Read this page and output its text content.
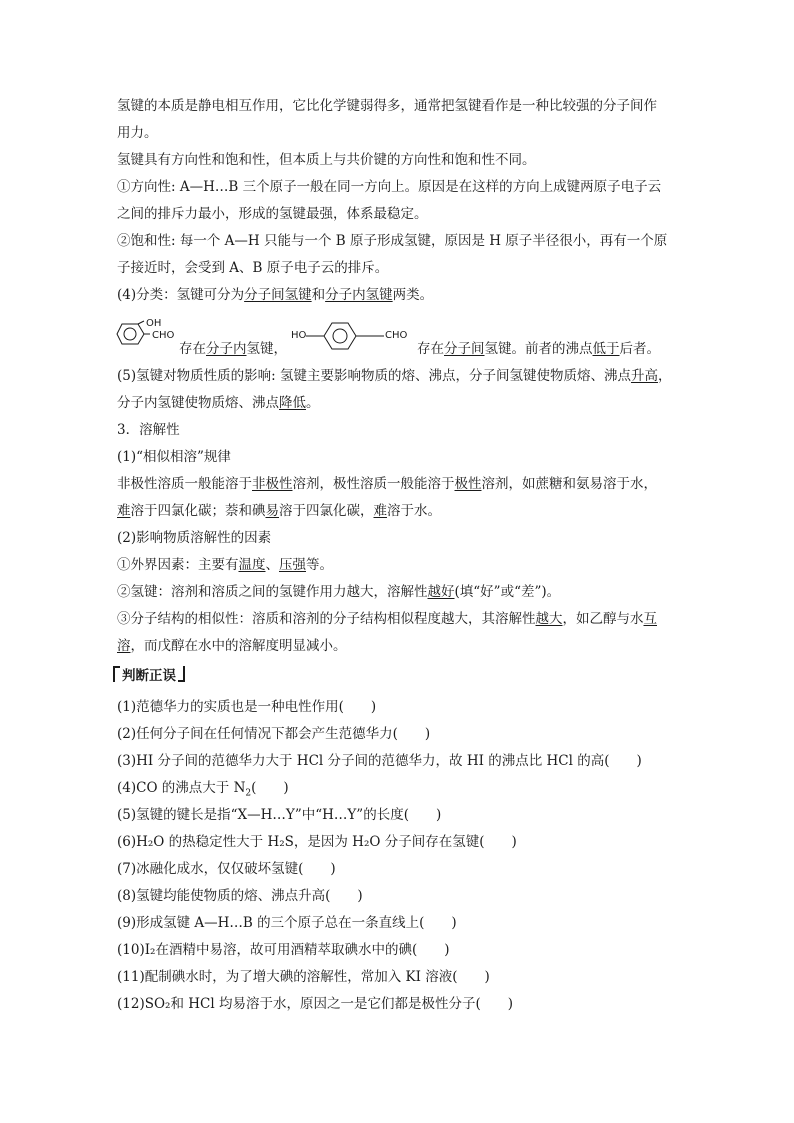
氢键的本质是静电相互作用，它比化学键弱得多，通常把氢键看作是一种比较强的分子间作
用力。
氢键具有方向性和饱和性，但本质上与共价键的方向性和饱和性不同。
①方向性: A—H…B 三个原子一般在同一方向上。原因是在这样的方向上成键两原子电子云
之间的排斥力最小，形成的氢键最强，体系最稳定。
②饱和性: 每一个 A—H 只能与一个 B 原子形成氢键，原因是 H 原子半径很小，再有一个原
子接近时，会受到 A、B 原子电子云的排斥。
(4)分类：氢键可分为分子间氢键和分子内氢键两类。
OH
CHO	HO	CHO
存在分子内氢键，	存在分子间氢键。前者的沸点低于后者。
(5)氢键对物质性质的影响: 氢键主要影响物质的熔、沸点，分子间氢键使物质熔、沸点升高，
分子内氢键使物质熔、沸点降低。
3．溶解性
(1)“相似相溶”规律
非极性溶质一般能溶于非极性溶剂，极性溶质一般能溶于极性溶剂，如蔗糖和氨易溶于水，
难溶于四氯化碳；萘和碘易溶于四氯化碳，难溶于水。
(2)影响物质溶解性的因素
①外界因素：主要有温度、压强等。
②氢键：溶剂和溶质之间的氢键作用力越大，溶解性越好(填“好”或“差”)。
③分子结构的相似性：溶质和溶剂的分子结构相似程度越大，其溶解性越大，如乙醇与水互
溶，而戊醇在水中的溶解度明显减小。
判断正误
(1)范德华力的实质也是一种电性作用(　　)
(2)任何分子间在任何情况下都会产生范德华力(　　)
(3)HI 分子间的范德华力大于 HCl 分子间的范德华力，故 HI 的沸点比 HCl 的高(　　)
(4)CO 的沸点大于 $N_2$(　　)
(5)氢键的键长是指“X—H…Y”中“H…Y”的长度(　　)
(6)H₂O 的热稳定性大于 H₂S，是因为 H₂O 分子间存在氢键(　　)
(7)冰融化成水，仅仅破坏氢键(　　)
(8)氢键均能使物质的熔、沸点升高(　　)
(9)形成氢键 A—H…B 的三个原子总在一条直线上(　　)
(10)I₂在酒精中易溶，故可用酒精萃取碘水中的碘(　　)
(11)配制碘水时，为了增大碘的溶解性，常加入 KI 溶液(　　)
(12)SO₂和 HCl 均易溶于水，原因之一是它们都是极性分子(　　)
